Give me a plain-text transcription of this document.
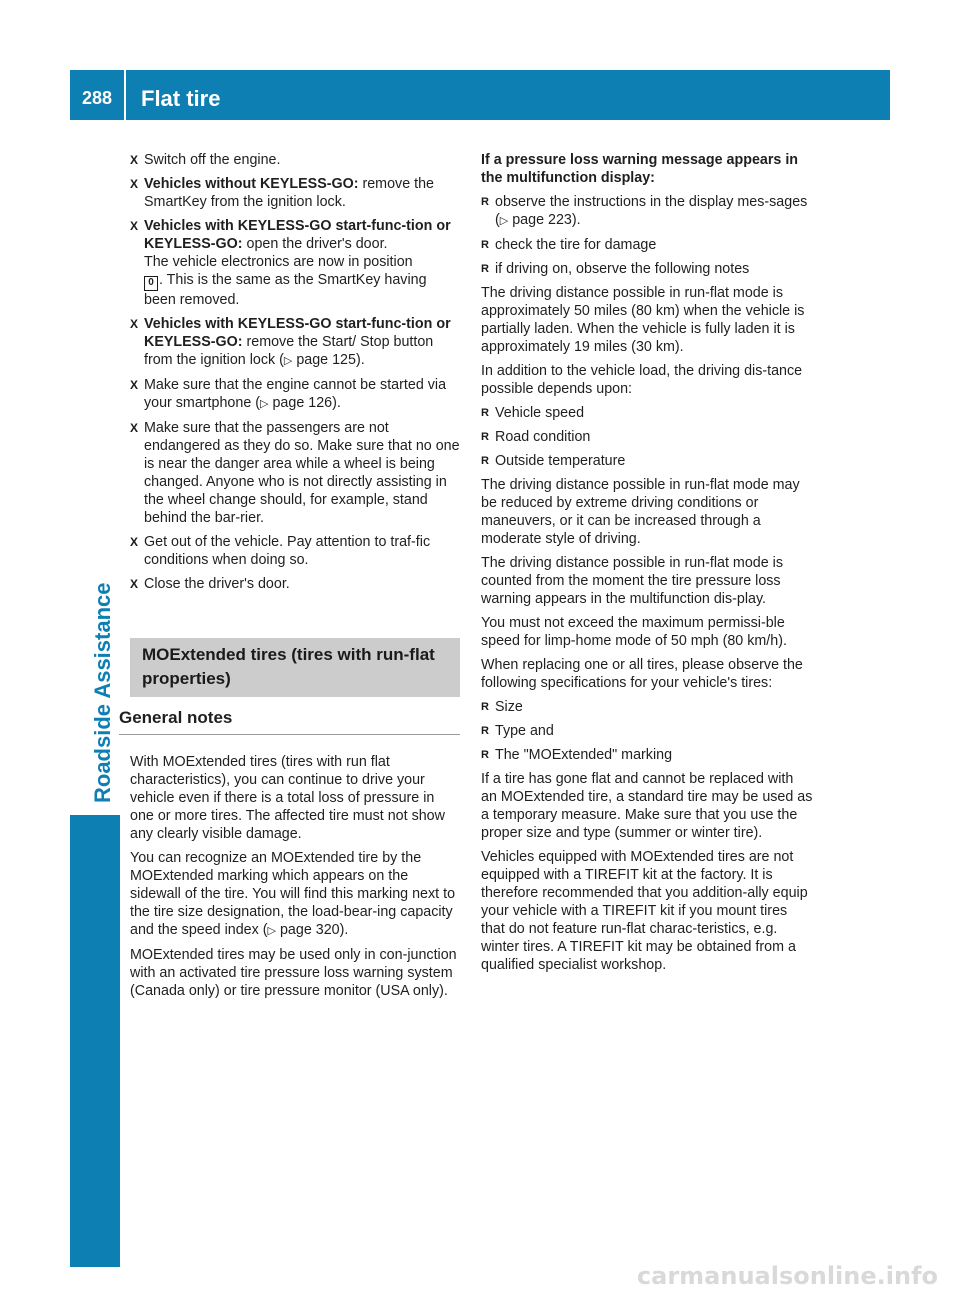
288	Flat tire
Roadside Assistance
X Switch off the engine.
X Vehicles without KEYLESS-GO: remove the SmartKey from the ignition lock.
X Vehicles with KEYLESS-GO start-func-tion or KEYLESS-GO: open the driver's door.
The vehicle electronics are now in position
0 . This is the same as the SmartKey having been removed.
X Vehicles with KEYLESS-GO start-func-tion or KEYLESS-GO: remove the Start/ Stop button from the ignition lock (▷ page 125).
X Make sure that the engine cannot be started via your smartphone (▷ page 126).
X Make sure that the passengers are not endangered as they do so. Make sure that no one is near the danger area while a wheel is being changed. Anyone who is not directly assisting in the wheel change should, for example, stand behind the bar-rier.
X Get out of the vehicle. Pay attention to traf-fic conditions when doing so.
X Close the driver's door.
MOExtended tires (tires with run-flat properties)
General notes

With MOExtended tires (tires with run flat characteristics), you can continue to drive your vehicle even if there is a total loss of pressure in one or more tires. The affected tire must not show any clearly visible damage.

You can recognize an MOExtended tire by the MOExtended marking which appears on the sidewall of the tire. You will find this marking next to the tire size designation, the load-bear-ing capacity and the speed index (▷ page 320).

MOExtended tires may be used only in con-junction with an activated tire pressure loss warning system (Canada only) or tire pressure monitor (USA only).

If a pressure loss warning message appears in the multifunction display:

R observe the instructions in the display mes-sages (▷ page 223).
R check the tire for damage
R if driving on, observe the following notes

The driving distance possible in run-flat mode is approximately 50 miles (80 km) when the vehicle is partially laden. When the vehicle is fully laden it is approximately 19 miles (30 km).

In addition to the vehicle load, the driving dis-tance possible depends upon:

R Vehicle speed
R Road condition
R Outside temperature

The driving distance possible in run-flat mode may be reduced by extreme driving conditions or maneuvers, or it can be increased through a moderate style of driving.

The driving distance possible in run-flat mode is counted from the moment the tire pressure loss warning appears in the multifunction dis-play.

You must not exceed the maximum permissi-ble speed for limp-home mode of 50 mph (80 km/h).

When replacing one or all tires, please observe the following specifications for your vehicle's tires:

R Size
R Type and
R The "MOExtended" marking

If a tire has gone flat and cannot be replaced with an MOExtended tire, a standard tire may be used as a temporary measure. Make sure that you use the proper size and type (summer or winter tire).

Vehicles equipped with MOExtended tires are not equipped with a TIREFIT kit at the factory. It is therefore recommended that you addition-ally equip your vehicle with a TIREFIT kit if you mount tires that do not feature run-flat charac-teristics, e.g. winter tires. A TIREFIT kit may be obtained from a qualified specialist workshop.

carmanualsonline.info
